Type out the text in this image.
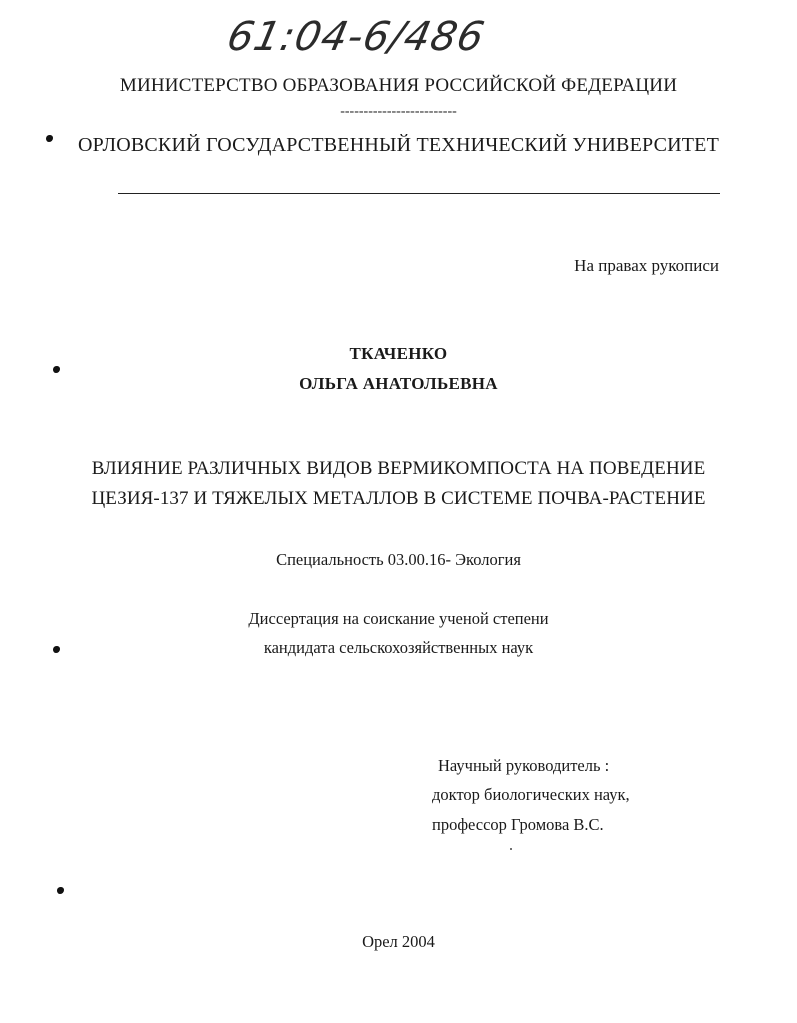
61:04-6/486
МИНИСТЕРСТВО ОБРАЗОВАНИЯ РОССИЙСКОЙ ФЕДЕРАЦИИ
-------------------------
ОРЛОВСКИЙ ГОСУДАРСТВЕННЫЙ ТЕХНИЧЕСКИЙ УНИВЕРСИТЕТ
На правах рукописи
ТКАЧЕНКО
ОЛЬГА АНАТОЛЬЕВНА
ВЛИЯНИЕ РАЗЛИЧНЫХ ВИДОВ ВЕРМИКОМПОСТА НА ПОВЕДЕНИЕ
ЦЕЗИЯ-137 И ТЯЖЕЛЫХ МЕТАЛЛОВ В СИСТЕМЕ ПОЧВА-РАСТЕНИЕ
Специальность 03.00.16- Экология
Диссертация на соискание ученой степени
кандидата сельскохозяйственных наук
Научный руководитель :
доктор биологических наук,
профессор Громова В.С.
Орел 2004
